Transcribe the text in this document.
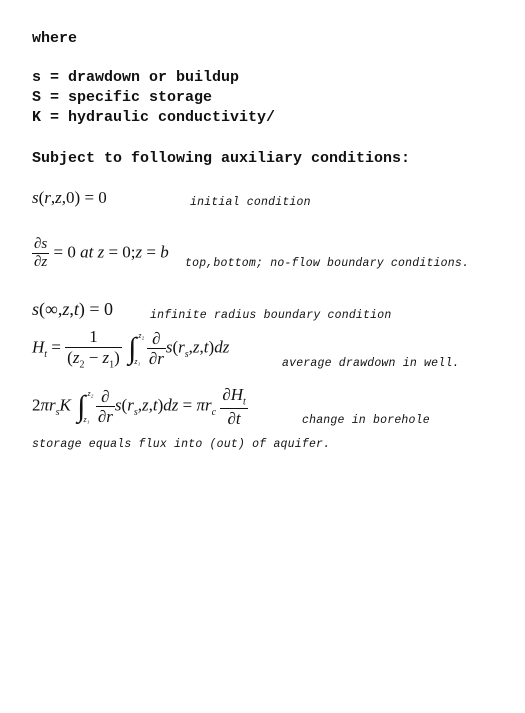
where
s = drawdown or buildup
S = specific storage
K = hydraulic conductivity/
Subject to following auxiliary conditions:
s(r,z,0) = 0	initial condition
$\frac{\partial s}{\partial z} = 0$ at z = 0;z = b
top,bottom; no-flow boundary conditions.
s(∞,z,t) = 0	infinite radius boundary condition
$H_t = \frac{1}{(z_2 - z_1)}$ ∫ z₂
z₁
$\frac{\partial}{\partial r} s(r_s,z,t)dz$
average drawdown in well.
$2\pi r_sK$ ∫ z₂
z₁
$\frac{\partial}{\partial r} s(r_s,z,t)dz = \pi r_c \frac{\partial H_t}{\partial t}$	change in borehole
storage equals flux into (out) of aquifer.
